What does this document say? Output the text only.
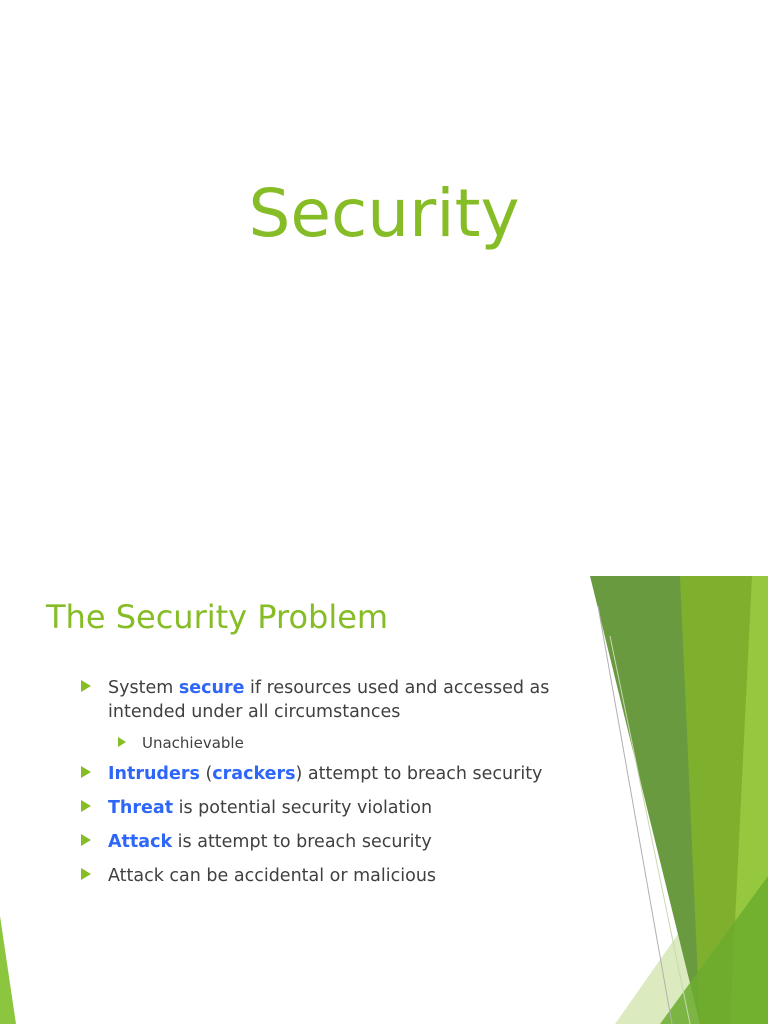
Security
The Security Problem
System secure if resources used and accessed as intended under all circumstances
Unachievable
Intruders (crackers) attempt to breach security
Threat is potential security violation
Attack is attempt to breach security
Attack can be accidental or malicious
